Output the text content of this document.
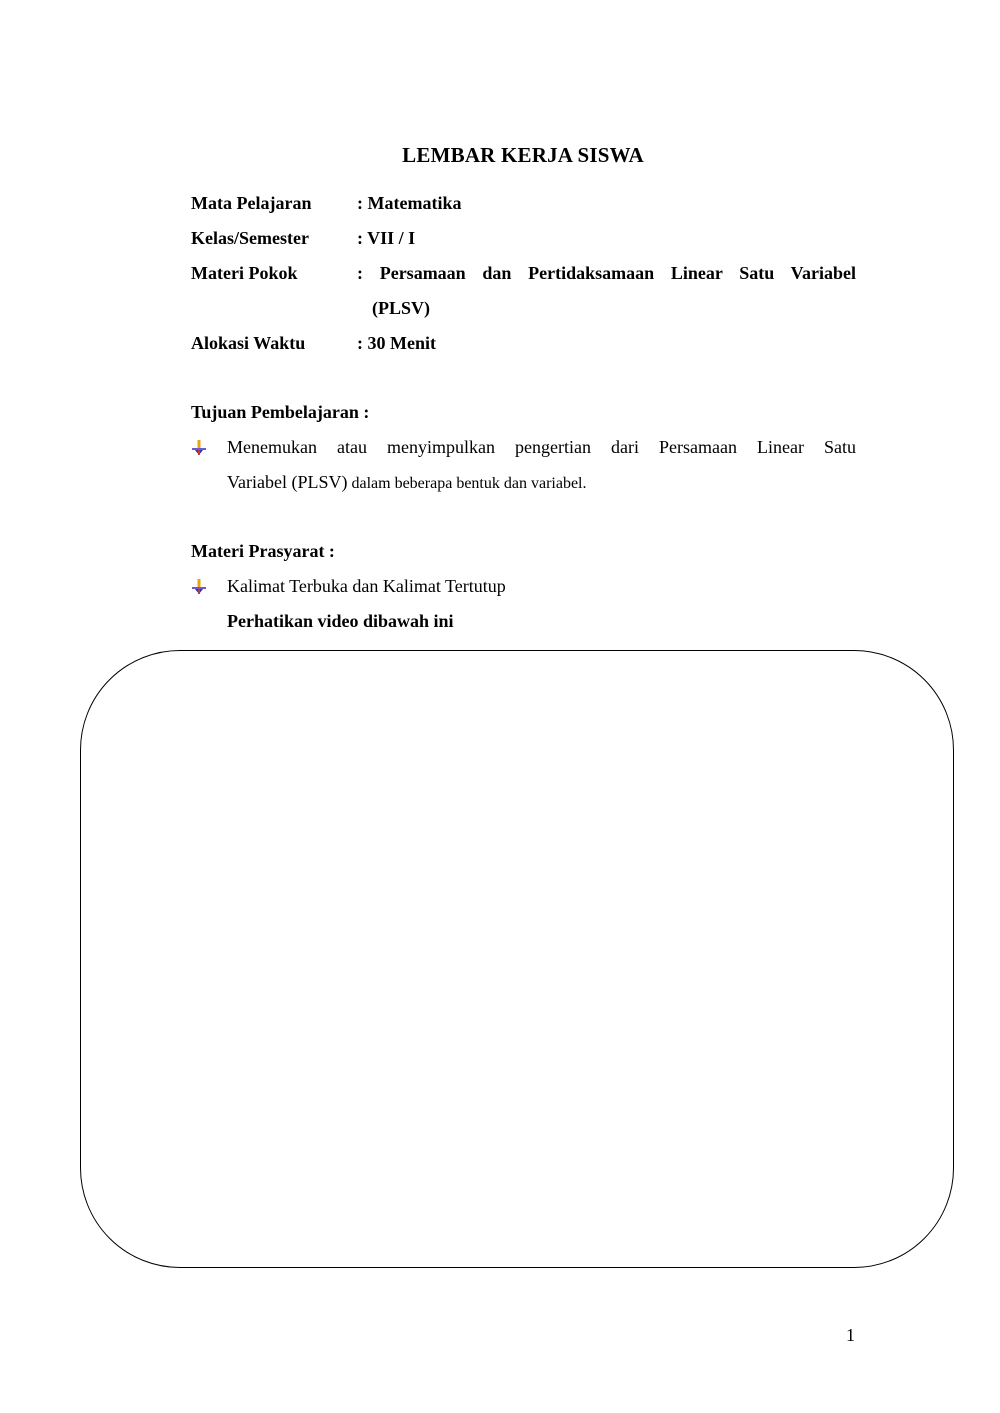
LEMBAR KERJA SISWA
Mata Pelajaran	: Matematika
Kelas/Semester	: VII / I
Materi Pokok	: Persamaan dan Pertidaksamaan Linear Satu Variabel
(PLSV)
Alokasi Waktu	: 30 Menit
Tujuan Pembelajaran :
Menemukan atau menyimpulkan pengertian dari Persamaan Linear Satu
Variabel (PLSV) dalam beberapa bentuk dan variabel.
Materi Prasyarat :
Kalimat Terbuka dan Kalimat Tertutup
Perhatikan video dibawah ini
1
